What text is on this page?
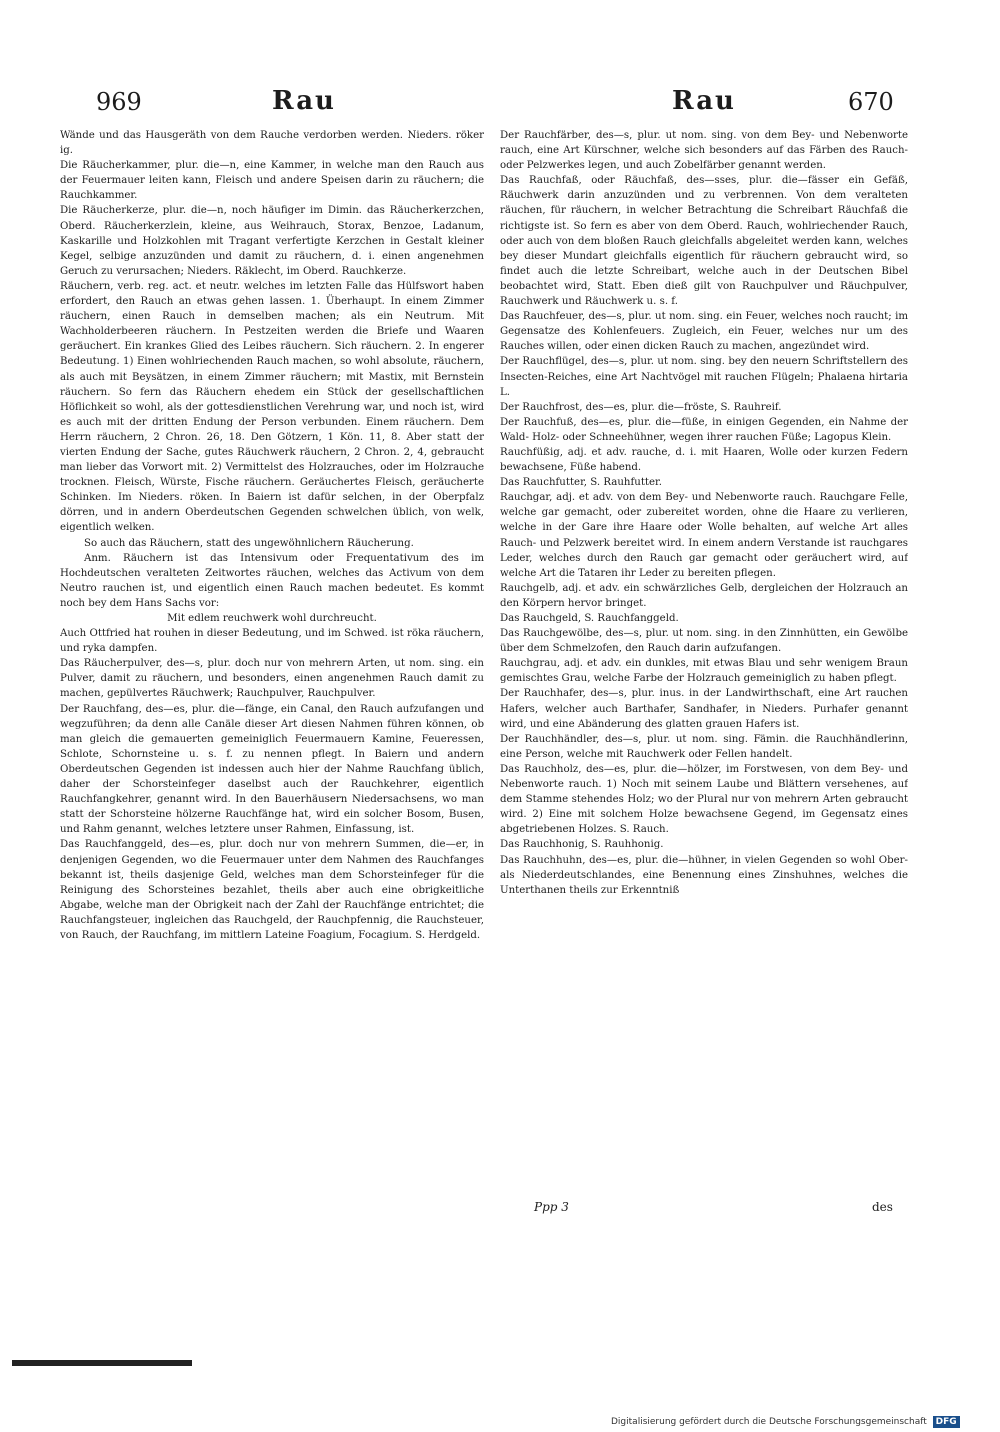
969	Rau	Rau	670

Wände und das Hausgeräth von dem Rauche verdorben werden. Nieders. röker ig.

Die Räucherkammer, plur. die—n, eine Kammer, in welche man den Rauch aus der Feuermauer leiten kann, Fleisch und andere Speisen darin zu räuchern; die Rauchkammer.

Die Räucherkerze, plur. die—n, noch häufiger im Dimin. das Räucherkerzchen, Oberd. Räucherkerzlein, kleine, aus Weihrauch, Storax, Benzoe, Ladanum, Kaskarille und Holzkohlen mit Tragant verfertigte Kerzchen in Gestalt kleiner Kegel, selbige anzuzünden und damit zu räuchern, d. i. einen angenehmen Geruch zu verursachen; Nieders. Räklecht, im Oberd. Rauchkerze.

Räuchern, verb. reg. act. et neutr. welches im letzten Falle das Hülfswort haben erfordert, den Rauch an etwas gehen lassen. 1. Überhaupt. In einem Zimmer räuchern, einen Rauch in demselben machen; als ein Neutrum. Mit Wachholderbeeren räuchern. In Pestzeiten werden die Briefe und Waaren geräuchert. Ein krankes Glied des Leibes räuchern. Sich räuchern. 2. In engerer Bedeutung. 1) Einen wohlriechenden Rauch machen, so wohl absolute, räuchern, als auch mit Beysätzen, in einem Zimmer räuchern; mit Mastix, mit Bernstein räuchern. So fern das Räuchern ehedem ein Stück der gesellschaftlichen Höflichkeit so wohl, als der gottesdienstlichen Verehrung war, und noch ist, wird es auch mit der dritten Endung der Person verbunden. Einem räuchern. Dem Herrn räuchern, 2 Chron. 26, 18. Den Götzern, 1 Kön. 11, 8. Aber statt der vierten Endung der Sache, gutes Räuchwerk räuchern, 2 Chron. 2, 4, gebraucht man lieber das Vorwort mit. 2) Vermittelst des Holzrauches, oder im Holzrauche trocknen. Fleisch, Würste, Fische räuchern. Geräuchertes Fleisch, geräucherte Schinken. Im Nieders. röken. In Baiern ist dafür selchen, in der Oberpfalz dörren, und in andern Oberdeutschen Gegenden schwelchen üblich, von welk, eigentlich welken.

So auch das Räuchern, statt des ungewöhnlichern Räucherung.

Anm. Räuchern ist das Intensivum oder Frequentativum des im Hochdeutschen veralteten Zeitwortes räuchen, welches das Activum von dem Neutro rauchen ist, und eigentlich einen Rauch machen bedeutet. Es kommt noch bey dem Hans Sachs vor:

Mit edlem reuchwerk wohl durchreucht.

Auch Ottfried hat rouhen in dieser Bedeutung, und im Schwed. ist röka räuchern, und ryka dampfen.

Das Räucherpulver, des—s, plur. doch nur von mehrern Arten, ut nom. sing. ein Pulver, damit zu räuchern, und besonders, einen angenehmen Rauch damit zu machen, gepülvertes Räuchwerk; Rauchpulver, Rauchpulver.

Der Rauchfang, des—es, plur. die—fänge, ein Canal, den Rauch aufzufangen und wegzuführen; da denn alle Canäle dieser Art diesen Nahmen führen können, ob man gleich die gemauerten gemeiniglich Feuermauern Kamine, Feueressen, Schlote, Schornsteine u. s. f. zu nennen pflegt. In Baiern und andern Oberdeutschen Gegenden ist indessen auch hier der Nahme Rauchfang üblich, daher der Schorsteinfeger daselbst auch der Rauchkehrer, eigentlich Rauchfangkehrer, genannt wird. In den Bauerhäusern Niedersachsens, wo man statt der Schorsteine hölzerne Rauchfänge hat, wird ein solcher Bosom, Busen, und Rahm genannt, welches letztere unser Rahmen, Einfassung, ist.

Das Rauchfanggeld, des—es, plur. doch nur von mehrern Summen, die—er, in denjenigen Gegenden, wo die Feuermauer unter dem Nahmen des Rauchfanges bekannt ist, theils dasjenige Geld, welches man dem Schorsteinfeger für die Reinigung des Schorsteines bezahlet, theils aber auch eine obrigkeitliche Abgabe, welche man der Obrigkeit nach der Zahl der Rauchfänge entrichtet; die Rauchfangsteuer, ingleichen das Rauchgeld, der Rauchpfennig, die Rauchsteuer, von Rauch, der Rauchfang, im mittlern Lateine Foagium, Focagium. S. Herdgeld.

Der Rauchfärber, des—s, plur. ut nom. sing. von dem Bey- und Nebenworte rauch, eine Art Kürschner, welche sich besonders auf das Färben des Rauch- oder Pelzwerkes legen, und auch Zobelfärber genannt werden.

Das Rauchfaß, oder Räuchfaß, des—sses, plur. die—fässer ein Gefäß, Räuchwerk darin anzuzünden und zu verbrennen. Von dem veralteten räuchen, für räuchern, in welcher Betrachtung die Schreibart Räuchfaß die richtigste ist. So fern es aber von dem Oberd. Rauch, wohlriechender Rauch, oder auch von dem bloßen Rauch gleichfalls abgeleitet werden kann, welches bey dieser Mundart gleichfalls eigentlich für räuchern gebraucht wird, so findet auch die letzte Schreibart, welche auch in der Deutschen Bibel beobachtet wird, Statt. Eben dieß gilt von Rauchpulver und Räuchpulver, Rauchwerk und Räuchwerk u. s. f.

Das Rauchfeuer, des—s, plur. ut nom. sing. ein Feuer, welches noch raucht; im Gegensatze des Kohlenfeuers. Zugleich, ein Feuer, welches nur um des Rauches willen, oder einen dicken Rauch zu machen, angezündet wird.

Der Rauchflügel, des—s, plur. ut nom. sing. bey den neuern Schriftstellern des Insecten-Reiches, eine Art Nachtvögel mit rauchen Flügeln; Phalaena hirtaria L.

Der Rauchfrost, des—es, plur. die—fröste, S. Rauhreif.

Der Rauchfuß, des—es, plur. die—füße, in einigen Gegenden, ein Nahme der Wald- Holz- oder Schneehühner, wegen ihrer rauchen Füße; Lagopus Klein.

Rauchfüßig, adj. et adv. rauche, d. i. mit Haaren, Wolle oder kurzen Federn bewachsene, Füße habend.

Das Rauchfutter, S. Rauhfutter.

Rauchgar, adj. et adv. von dem Bey- und Nebenworte rauch. Rauchgare Felle, welche gar gemacht, oder zubereitet worden, ohne die Haare zu verlieren, welche in der Gare ihre Haare oder Wolle behalten, auf welche Art alles Rauch- und Pelzwerk bereitet wird. In einem andern Verstande ist rauchgares Leder, welches durch den Rauch gar gemacht oder geräuchert wird, auf welche Art die Tataren ihr Leder zu bereiten pflegen.

Rauchgelb, adj. et adv. ein schwärzliches Gelb, dergleichen der Holzrauch an den Körpern hervor bringet.

Das Rauchgeld, S. Rauchfanggeld.

Das Rauchgewölbe, des—s, plur. ut nom. sing. in den Zinnhütten, ein Gewölbe über dem Schmelzofen, den Rauch darin aufzufangen.

Rauchgrau, adj. et adv. ein dunkles, mit etwas Blau und sehr wenigem Braun gemischtes Grau, welche Farbe der Holzrauch gemeiniglich zu haben pflegt.

Der Rauchhafer, des—s, plur. inus. in der Landwirthschaft, eine Art rauchen Hafers, welcher auch Barthafer, Sandhafer, in Nieders. Purhafer genannt wird, und eine Abänderung des glatten grauen Hafers ist.

Der Rauchhändler, des—s, plur. ut nom. sing. Fämin. die Rauchhändlerinn, eine Person, welche mit Rauchwerk oder Fellen handelt.

Das Rauchholz, des—es, plur. die—hölzer, im Forstwesen, von dem Bey- und Nebenworte rauch. 1) Noch mit seinem Laube und Blättern versehenes, auf dem Stamme stehendes Holz; wo der Plural nur von mehrern Arten gebraucht wird. 2) Eine mit solchem Holze bewachsene Gegend, im Gegensatz eines abgetriebenen Holzes. S. Rauch.

Das Rauchhonig, S. Rauhhonig.

Das Rauchhuhn, des—es, plur. die—hühner, in vielen Gegenden so wohl Ober- als Niederdeutschlandes, eine Benennung eines Zinshuhnes, welches die Unterthanen theils zur Erkenntniß

Ppp 3	des
Digitalisierung gefördert durch die Deutsche Forschungsgemeinschaft DFG
